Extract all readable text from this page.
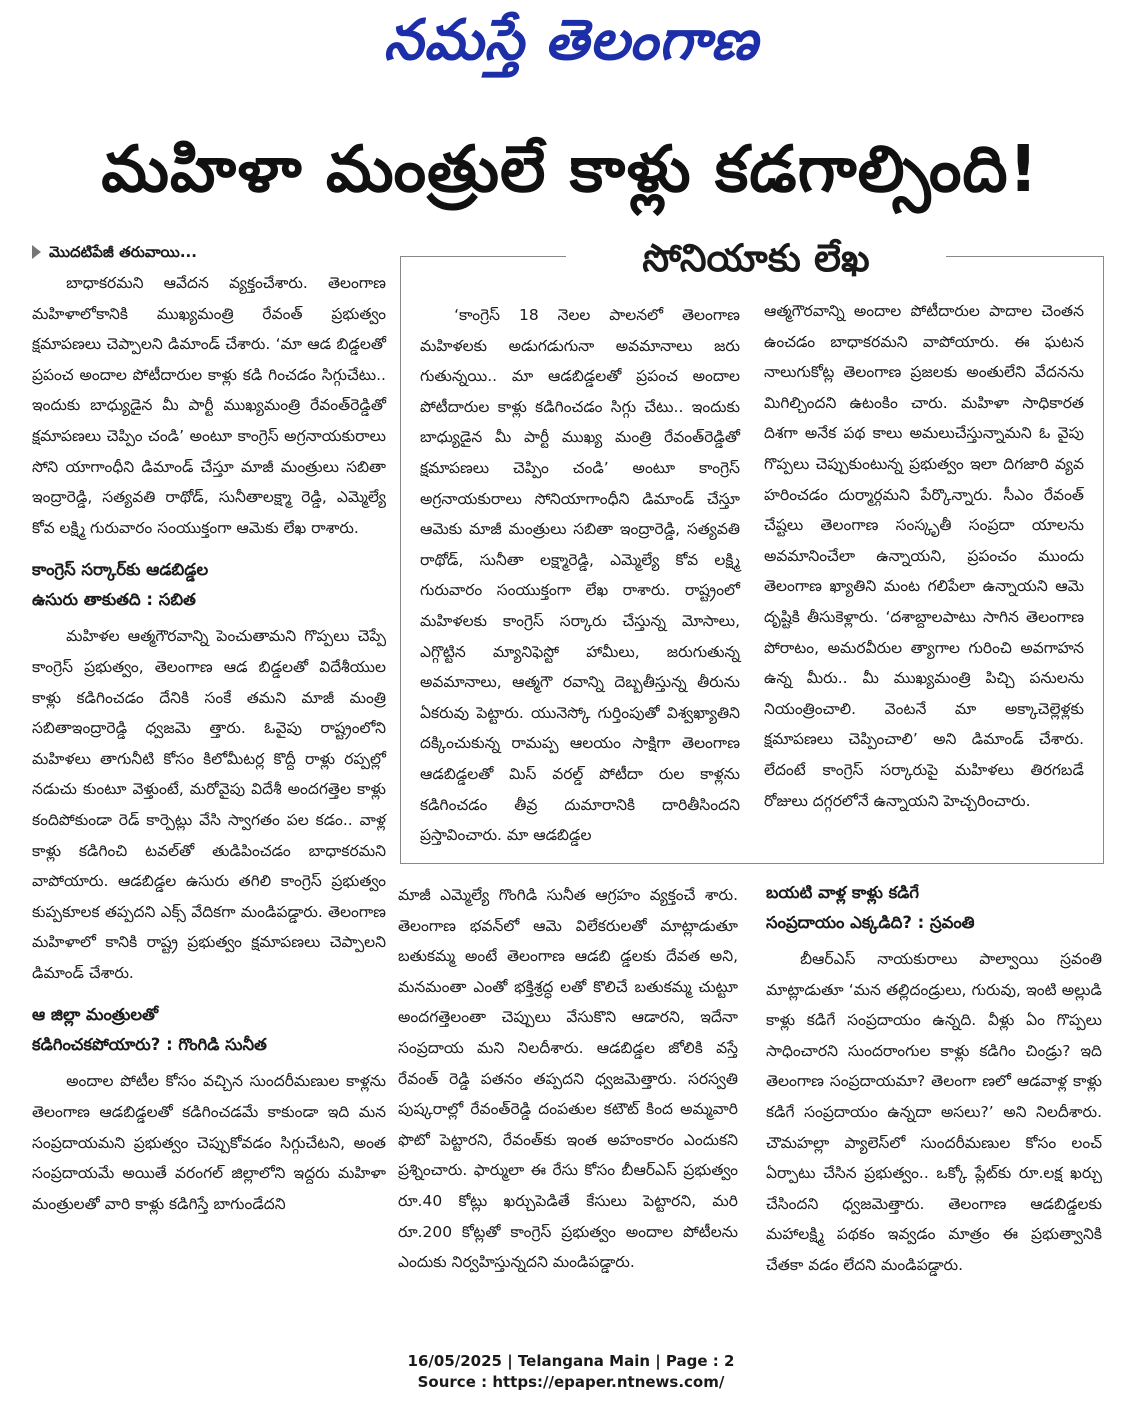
నమస్తే తెలంగాణ
మహిళా మంత్రులే కాళ్లు కడగాల్సింది!
మొదటిపేజీ తరువాయి...

బాధాకరమని ఆవేదన వ్యక్తంచేశారు. తెలంగాణ మహిళాలోకానికి ముఖ్యమంత్రి రేవంత్ ప్రభుత్వం క్షమాపణలు చెప్పాలని డిమాండ్ చేశారు. ‘మా ఆడ బిడ్డలతో ప్రపంచ అందాల పోటీదారుల కాళ్లు కడి గించడం సిగ్గుచేటు.. ఇందుకు బాధ్యుడైన మీ పార్టీ ముఖ్యమంత్రి రేవంత్‌రెడ్డితో క్షమాపణలు చెప్పిం చండి’ అంటూ కాంగ్రెస్ అగ్రనాయకురాలు సోని యాగాంధీని డిమాండ్ చేస్తూ మాజీ మంత్రులు సబితా ఇంద్రారెడ్డి, సత్యవతి రాథోడ్, సునీతాలక్ష్మా రెడ్డి, ఎమ్మెల్యే కోవ లక్ష్మి గురువారం సంయుక్తంగా ఆమెకు లేఖ రాశారు.

కాంగ్రెస్ సర్కార్‌కు ఆడబిడ్డల
ఉసురు తాకుతది : సబిత

మహిళల ఆత్మగౌరవాన్ని పెంచుతామని గొప్పలు చెప్పే కాంగ్రెస్ ప్రభుత్వం, తెలంగాణ ఆడ బిడ్డలతో విదేశీయుల కాళ్లు కడిగించడం దేనికి సంకే తమని మాజీ మంత్రి సబితాఇంద్రారెడ్డి ధ్వజమె త్తారు. ఓవైపు రాష్ట్రంలోని మహిళలు తాగునీటి కోసం కిలోమీటర్ల కొద్దీ రాళ్లు రప్పల్లో నడుచు కుంటూ వెళ్తుంటే, మరోవైపు విదేశీ అందగత్తెల కాళ్లు కందిపోకుండా రెడ్ కార్పెట్లు వేసి స్వాగతం పల కడం.. వాళ్ల కాళ్లు కడిగించి టవల్‌తో తుడిపించడం బాధాకరమని వాపోయారు. ఆడబిడ్డల ఉసురు తగిలి కాంగ్రెస్ ప్రభుత్వం కుప్పకూలక తప్పదని ఎక్స్ వేదికగా మండిపడ్డారు. తెలంగాణ మహిళాలో కానికి రాష్ట్ర ప్రభుత్వం క్షమాపణలు చెప్పాలని డిమాండ్ చేశారు.

ఆ జిల్లా మంత్రులతో
కడిగించకపోయారు? : గొంగిడి సునీత

అందాల పోటీల కోసం వచ్చిన సుందరీమణుల కాళ్లను తెలంగాణ ఆడబిడ్డలతో కడిగించడమే కాకుండా ఇది మన సంప్రదాయమని ప్రభుత్వం చెప్పుకోవడం సిగ్గుచేటని, అంత సంప్రదాయమే అయితే వరంగల్ జిల్లాలోని ఇద్దరు మహిళా మంత్రులతో వారి కాళ్లు కడిగిస్తే బాగుండేదని

సోనియాకు లేఖ

‘కాంగ్రెస్ 18 నెలల పాలనలో తెలంగాణ మహిళలకు అడుగడుగునా అవమానాలు జరు గుతున్నయి.. మా ఆడబిడ్డలతో ప్రపంచ అందాల పోటీదారుల కాళ్లు కడిగించడం సిగ్గు చేటు.. ఇందుకు బాధ్యుడైన మీ పార్టీ ముఖ్య మంత్రి రేవంత్‌రెడ్డితో క్షమాపణలు చెప్పిం చండి’ అంటూ కాంగ్రెస్ అగ్రనాయకురాలు సోనియాగాంధీని డిమాండ్ చేస్తూ ఆమెకు మాజీ మంత్రులు సబితా ఇంద్రారెడ్డి, సత్యవతి రాథోడ్, సునీతా లక్ష్మారెడ్డి, ఎమ్మెల్యే కోవ లక్ష్మి గురువారం సంయుక్తంగా లేఖ రాశారు. రాష్ట్రంలో మహిళలకు కాంగ్రెస్ సర్కారు చేస్తున్న మోసాలు, ఎగ్గొట్టిన మ్యానిఫెస్టో హామీలు, జరుగుతున్న అవమానాలు, ఆత్మగౌ రవాన్ని దెబ్బతీస్తున్న తీరును ఏకరువు పెట్టారు. యునెస్కో గుర్తింపుతో విశ్వఖ్యాతిని దక్కించుకున్న రామప్ప ఆలయం సాక్షిగా తెలంగాణ ఆడబిడ్డలతో మిస్ వరల్డ్ పోటీదా రుల కాళ్లను కడిగించడం తీవ్ర దుమారానికి దారితీసిందని ప్రస్తావించారు. మా ఆడబిడ్డల

ఆత్మగౌరవాన్ని అందాల పోటీదారుల పాదాల చెంతన ఉంచడం బాధాకరమని వాపోయారు. ఈ ఘటన నాలుగుకోట్ల తెలంగాణ ప్రజలకు అంతులేని వేదనను మిగిల్చిందని ఉటంకిం చారు. మహిళా సాధికారత దిశగా అనేక పథ కాలు అమలుచేస్తున్నామని ఓ వైపు గొప్పలు చెప్పుకుంటున్న ప్రభుత్వం ఇలా దిగజారి వ్యవ హరించడం దుర్మార్గమని పేర్కొన్నారు. సీఎం రేవంత్ చేష్టలు తెలంగాణ సంస్కృతీ సంప్రదా యాలను అవమానించేలా ఉన్నాయని, ప్రపంచం ముందు తెలంగాణ ఖ్యాతిని మంట గలిపేలా ఉన్నాయని ఆమె దృష్టికి తీసుకెళ్లారు. ‘దశాబ్దాలపాటు సాగిన తెలంగాణ పోరాటం, అమరవీరుల త్యాగాల గురించి అవగాహన ఉన్న మీరు.. మీ ముఖ్యమంత్రి పిచ్చి పనులను నియంత్రించాలి. వెంటనే మా అక్కాచెల్లెళ్లకు క్షమాపణలు చెప్పించాలి’ అని డిమాండ్ చేశారు. లేదంటే కాంగ్రెస్ సర్కారుపై మహిళలు తిరగబడే రోజులు దగ్గరలోనే ఉన్నాయని హెచ్చరించారు.

మాజీ ఎమ్మెల్యే గొంగిడి సునీత ఆగ్రహం వ్యక్తంచే శారు. తెలంగాణ భవన్‌లో ఆమె విలేకరులతో మాట్లాడుతూ బతుకమ్మ అంటే తెలంగాణ ఆడబి డ్డలకు దేవత అని, మనమంతా ఎంతో భక్తిశ్రద్ధ లతో కొలిచే బతుకమ్మ చుట్టూ అందగత్తెలంతా చెప్పులు వేసుకొని ఆడారని, ఇదేనా సంప్రదాయ మని నిలదీశారు. ఆడబిడ్డల జోలికి వస్తే రేవంత్ రెడ్డి పతనం తప్పదని ధ్వజమెత్తారు. సరస్వతి పుష్కరాల్లో రేవంత్‌రెడ్డి దంపతుల కటౌట్ కింద అమ్మవారి ఫొటో పెట్టారని, రేవంత్‌కు ఇంత అహంకారం ఎందుకని ప్రశ్నించారు. ఫార్ములా ఈ రేసు కోసం బీఆర్ఎస్ ప్రభుత్వం రూ.40 కోట్లు ఖర్చుపెడితే కేసులు పెట్టారని, మరి రూ.200 కోట్లతో కాంగ్రెస్ ప్రభుత్వం అందాల పోటీలను ఎందుకు నిర్వహిస్తున్నదని మండిపడ్డారు.

బయటి వాళ్ల కాళ్లు కడిగే
సంప్రదాయం ఎక్కడిది? : స్రవంతి

బీఆర్ఎస్ నాయకురాలు పాల్వాయి స్రవంతి మాట్లాడుతూ ‘మన తల్లిదండ్రులు, గురువు, ఇంటి అల్లుడి కాళ్లు కడిగే సంప్రదాయం ఉన్నది. వీళ్లు ఏం గొప్పలు సాధించారని సుందరాంగుల కాళ్లు కడిగిం చిండ్రు? ఇది తెలంగాణ సంప్రదాయమా? తెలంగా ణలో ఆడవాళ్ల కాళ్లు కడిగే సంప్రదాయం ఉన్నదా అసలు?’ అని నిలదీశారు. చౌమహల్లా ప్యాలెస్‌లో సుందరీమణుల కోసం లంచ్ ఏర్పాటు చేసిన ప్రభుత్వం.. ఒక్కో ప్లేట్‌కు రూ.లక్ష ఖర్చు చేసిందని ధ్వజమెత్తారు. తెలంగాణ ఆడబిడ్డలకు మహాలక్ష్మి పథకం ఇవ్వడం మాత్రం ఈ ప్రభుత్వానికి చేతకా వడం లేదని మండిపడ్డారు.

16/05/2025 | Telangana Main | Page : 2
Source : https://epaper.ntnews.com/
